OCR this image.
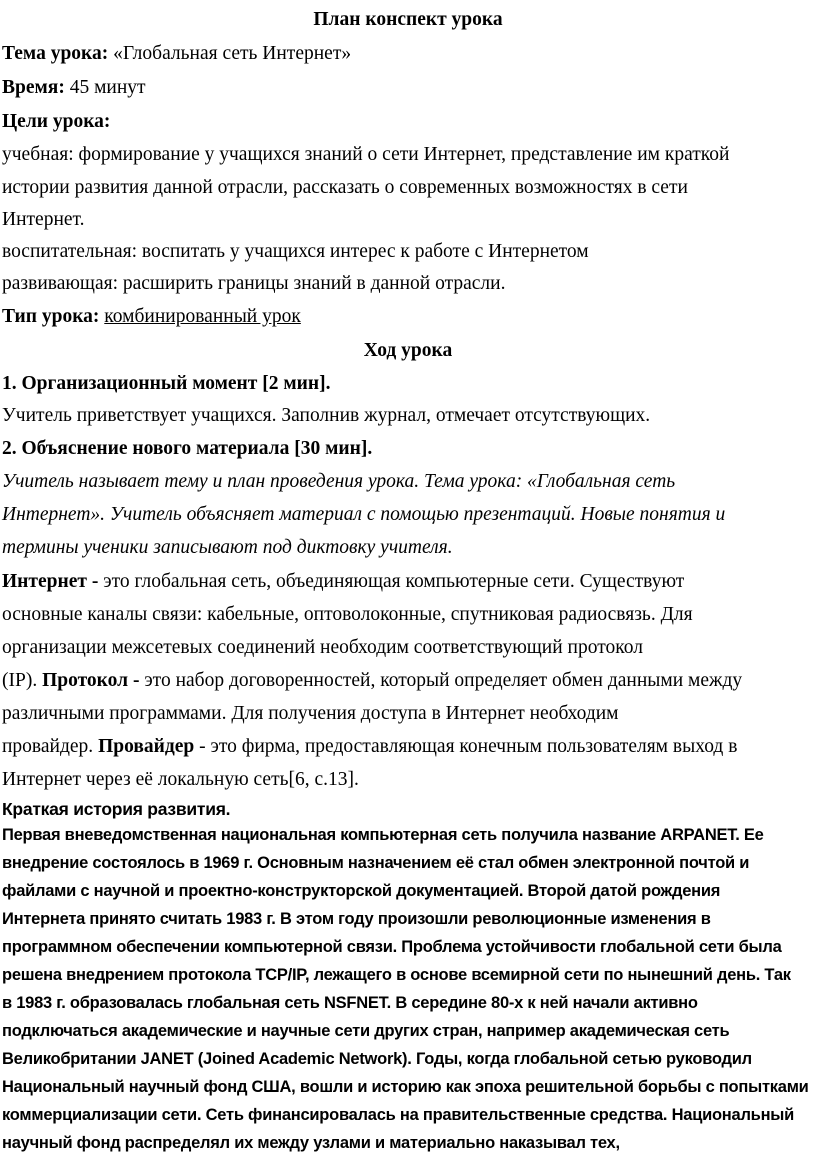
План конспект урока
Тема урока: «Глобальная сеть Интернет»
Время: 45 минут
Цели урока:
учебная: формирование у учащихся знаний о сети Интернет, представление им краткой
истории развития данной отрасли, рассказать о современных возможностях в сети
Интернет.
воспитательная: воспитать у учащихся интерес к работе с Интернетом
развивающая: расширить границы знаний в данной отрасли.
Тип урока: комбинированный урок
Ход урока
1. Организационный момент [2 мин].
Учитель приветствует учащихся. Заполнив журнал, отмечает отсутствующих.
2. Объяснение нового материала [30 мин].
Учитель называет тему и план проведения урока. Тема урока: «Глобальная сеть
Интернет». Учитель объясняет материал с помощью презентаций. Новые понятия и
термины ученики записывают под диктовку учителя.
Интернет - это глобальная сеть, объединяющая компьютерные сети. Существуют
основные каналы связи: кабельные, оптоволоконные, спутниковая радиосвязь. Для
организации межсетевых соединений необходим соответствующий протокол
(IP). Протокол - это набор договоренностей, который определяет обмен данными между
различными программами. Для получения доступа в Интернет необходим
провайдер. Провайдер - это фирма, предоставляющая конечным пользователям выход в
Интернет через её локальную сеть[6, с.13].
Краткая история развития.
Первая вневедомственная национальная компьютерная сеть получила название ARPANET. Ее
внедрение состоялось в 1969 г. Основным назначением её стал обмен электронной почтой и
файлами с научной и проектно-конструкторской документацией. Второй датой рождения
Интернета принято считать 1983 г. В этом году произошли революционные изменения в
программном обеспечении компьютерной связи. Проблема устойчивости глобальной сети была
решена внедрением протокола TCP/IP, лежащего в основе всемирной сети по нынешний день. Так
в 1983 г. образовалась глобальная сеть NSFNET. В середине 80-х к ней начали активно
подключаться академические и научные сети других стран, например академическая сеть
Великобритании JANET (Joined Academic Network). Годы, когда глобальной сетью руководил
Национальный научный фонд США, вошли и историю как эпоха решительной борьбы с попытками
коммерциализации сети. Сеть финансировалась на правительственные средства. Национальный
научный фонд распределял их между узлами и материально наказывал тех,
